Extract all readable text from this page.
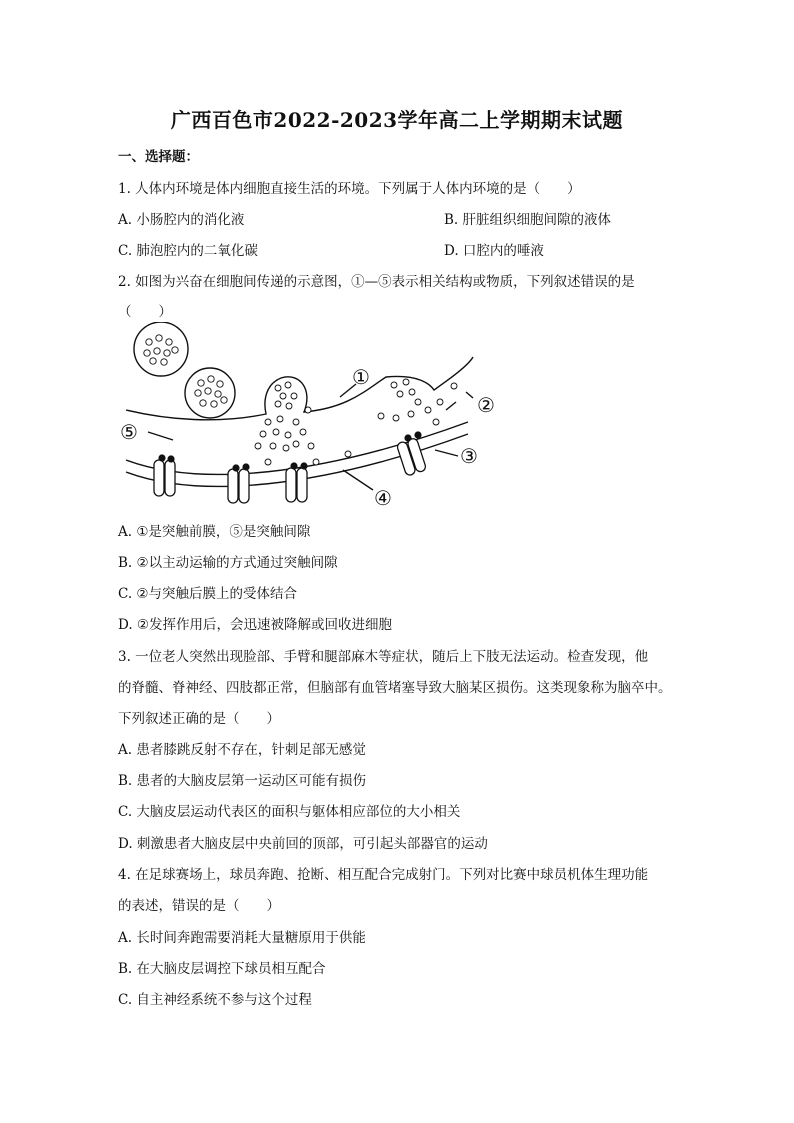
广西百色市2022-2023学年高二上学期期末试题
一、选择题：
1. 人体内环境是体内细胞直接生活的环境。下列属于人体内环境的是（　　）
A. 小肠腔内的消化液	B. 肝脏组织细胞间隙的液体
C. 肺泡腔内的二氧化碳	D. 口腔内的唾液
2. 如图为兴奋在细胞间传递的示意图，①—⑤表示相关结构或物质，下列叙述错误的是
（　　）
①
②
③
④
⑤
A. ①是突触前膜，⑤是突触间隙
B. ②以主动运输的方式通过突触间隙
C. ②与突触后膜上的受体结合
D. ②发挥作用后，会迅速被降解或回收进细胞
3. 一位老人突然出现脸部、手臂和腿部麻木等症状，随后上下肢无法运动。检查发现，他
的脊髓、脊神经、四肢都正常，但脑部有血管堵塞导致大脑某区损伤。这类现象称为脑卒中。
下列叙述正确的是（　　）
A. 患者膝跳反射不存在，针刺足部无感觉
B. 患者的大脑皮层第一运动区可能有损伤
C. 大脑皮层运动代表区的面积与躯体相应部位的大小相关
D. 刺激患者大脑皮层中央前回的顶部，可引起头部器官的运动
4. 在足球赛场上，球员奔跑、抢断、相互配合完成射门。下列对比赛中球员机体生理功能
的表述，错误的是（　　）
A. 长时间奔跑需要消耗大量糖原用于供能
B. 在大脑皮层调控下球员相互配合
C. 自主神经系统不参与这个过程
